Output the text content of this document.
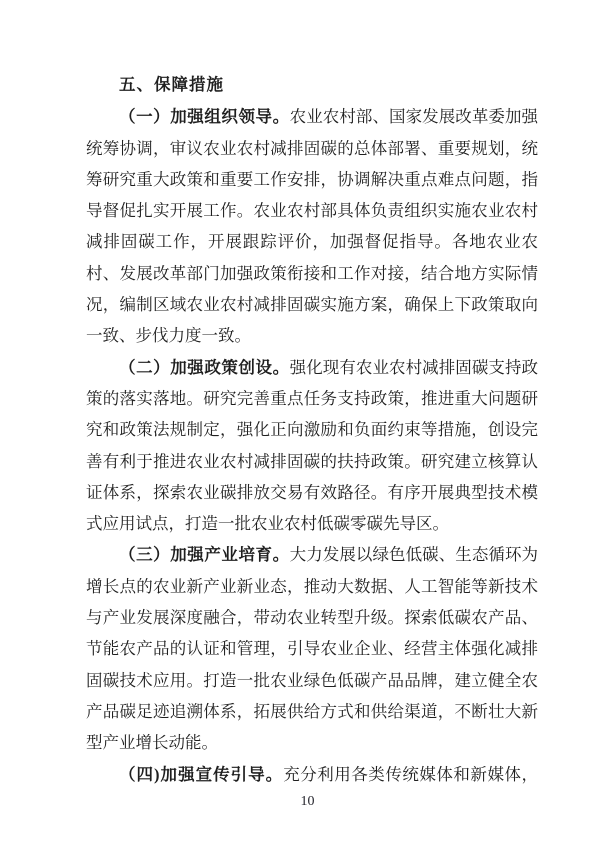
五、保障措施

（一）加强组织领导。农业农村部、国家发展改革委加强统筹协调，审议农业农村减排固碳的总体部署、重要规划，统筹研究重大政策和重要工作安排，协调解决重点难点问题，指导督促扎实开展工作。农业农村部具体负责组织实施农业农村减排固碳工作，开展跟踪评价，加强督促指导。各地农业农村、发展改革部门加强政策衔接和工作对接，结合地方实际情况，编制区域农业农村减排固碳实施方案，确保上下政策取向一致、步伐力度一致。

（二）加强政策创设。强化现有农业农村减排固碳支持政策的落实落地。研究完善重点任务支持政策，推进重大问题研究和政策法规制定，强化正向激励和负面约束等措施，创设完善有利于推进农业农村减排固碳的扶持政策。研究建立核算认证体系，探索农业碳排放交易有效路径。有序开展典型技术模式应用试点，打造一批农业农村低碳零碳先导区。

（三）加强产业培育。大力发展以绿色低碳、生态循环为增长点的农业新产业新业态，推动大数据、人工智能等新技术与产业发展深度融合，带动农业转型升级。探索低碳农产品、节能农产品的认证和管理，引导农业企业、经营主体强化减排固碳技术应用。打造一批农业绿色低碳产品品牌，建立健全农产品碳足迹追溯体系，拓展供给方式和供给渠道，不断壮大新型产业增长动能。

（四)加强宣传引导。充分利用各类传统媒体和新媒体，

10
